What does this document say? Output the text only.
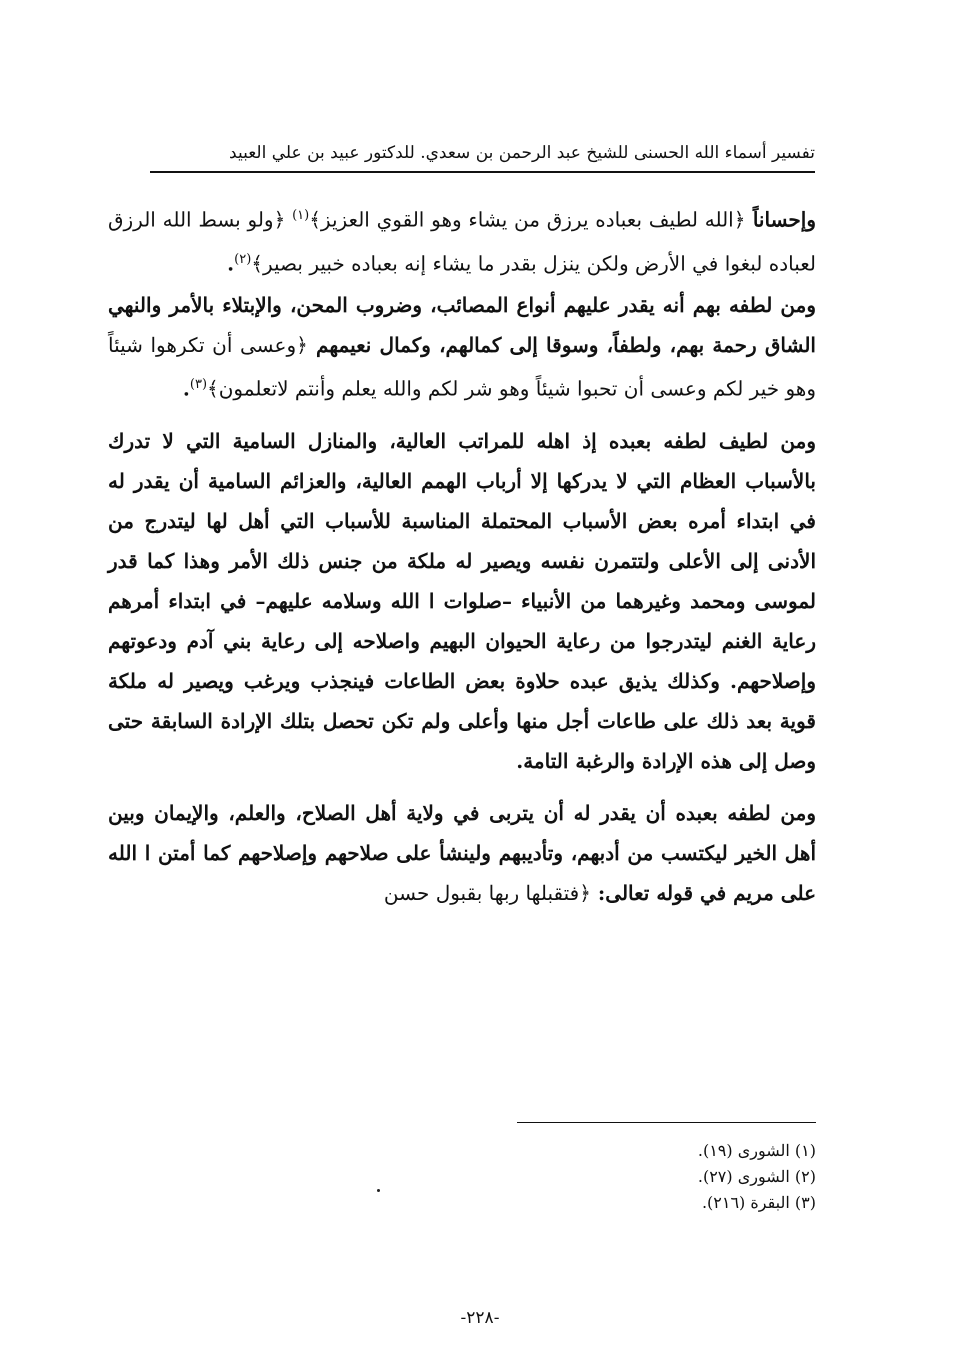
تفسير أسماء الله الحسنى للشيخ عبد الرحمن بن سعدي. للدكتور عبيد بن علي العبيد

وإحساناً ﴿الله لطيف بعباده يرزق من يشاء وهو القوي العزيز﴾$^{(١)}$ ﴿ولو بسط الله الرزق لعباده لبغوا في الأرض ولكن ينزل بقدر ما يشاء إنه بعباده خبير بصير﴾$^{(٢)}$.

ومن لطفه بهم أنه يقدر عليهم أنواع المصائب، وضروب المحن، والإبتلاء بالأمر والنهي الشاق رحمة بهم، ولطفاً، وسوقا إلى كمالهم، وكمال نعيمهم ﴿وعسى أن تكرهوا شيئاً وهو خير لكم وعسى أن تحبوا شيئاً وهو شر لكم والله يعلم وأنتم لاتعلمون﴾$^{(٣)}$.

ومن لطيف لطفه بعبده إذ اهله للمراتب العالية، والمنازل السامية التي لا تدرك بالأسباب العظام التي لا يدركها إلا أرباب الهمم العالية، والعزائم السامية أن يقدر له في ابتداء أمره بعض الأسباب المحتملة المناسبة للأسباب التي أهل لها ليتدرج من الأدنى إلى الأعلى ولتتمرن نفسه ويصير له ملكة من جنس ذلك الأمر وهذا كما قدر لموسى ومحمد وغيرهما من الأنبياء –صلوات ا الله وسلامه عليهم– في ابتداء أمرهم رعاية الغنم ليتدرجوا من رعاية الحيوان البهيم واصلاحه إلى رعاية بني آدم ودعوتهم وإصلاحهم. وكذلك يذيق عبده حلاوة بعض الطاعات فينجذب ويرغب ويصير له ملكة قوية بعد ذلك على طاعات أجل منها وأعلى ولم تكن تحصل بتلك الإرادة السابقة حتى وصل إلى هذه الإرادة والرغبة التامة.

ومن لطفه بعبده أن يقدر له أن يتربى في ولاية أهل الصلاح، والعلم، والإيمان وبين أهل الخير ليكتسب من أدبهم، وتأديبهم ولينشأ على صلاحهم وإصلاحهم كما أمتن ا الله على مريم في قوله تعالى: ﴿فتقبلها ربها بقبول حسن

(١) الشورى (١٩).
(٢) الشورى (٢٧).
(٣) البقرة (٢١٦).
-٢٢٨-
